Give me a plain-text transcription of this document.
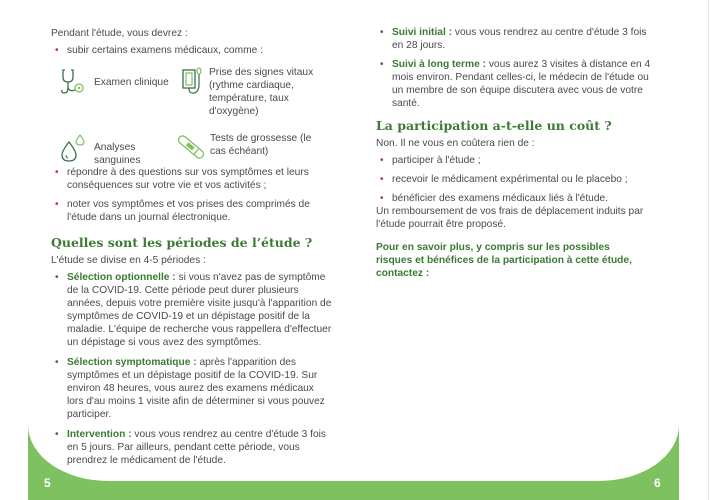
5	6

Pendant l'étude, vous devrez :

• subir certains examens médicaux, comme :
Examen clinique
Prise des signes vitaux (rythme cardiaque, température, taux d'oxygène)
Analyses sanguines
Tests de grossesse (le cas échéant)
• répondre à des questions sur vos symptômes et leurs conséquences sur votre vie et vos activités ;
• noter vos symptômes et vos prises des comprimés de l'étude dans un journal électronique.
Quelles sont les périodes de l’étude ?

L'étude se divise en 4-5 périodes :

• Sélection optionnelle : si vous n'avez pas de symptôme de la COVID-19. Cette période peut durer plusieurs années, depuis votre première visite jusqu'à l'apparition de symptômes de COVID-19 et un dépistage positif de la maladie. L'équipe de recherche vous rappellera d'effectuer un dépistage si vous avez des symptômes.
• Sélection symptomatique : après l'apparition des symptômes et un dépistage positif de la COVID-19. Sur environ 48 heures, vous aurez des examens médicaux lors d'au moins 1 visite afin de déterminer si vous pouvez participer.
• Intervention : vous vous rendrez au centre d'étude 3 fois en 5 jours. Par ailleurs, pendant cette période, vous prendrez le médicament de l'étude.
• Suivi initial : vous vous rendrez au centre d'étude 3 fois en 28 jours.
• Suivi à long terme : vous aurez 3 visites à distance en 4 mois environ. Pendant celles-ci, le médecin de l'étude ou un membre de son équipe discutera avec vous de votre santé.
La participation a-t-elle un coût ?

Non. Il ne vous en coûtera rien de :

• participer à l'étude ;
• recevoir le médicament expérimental ou le placebo ;
• bénéficier des examens médicaux liés à l'étude.

Un remboursement de vos frais de déplacement induits par l'étude pourrait être proposé.

Pour en savoir plus, y compris sur les possibles risques et bénéfices de la participation à cette étude, contactez :
